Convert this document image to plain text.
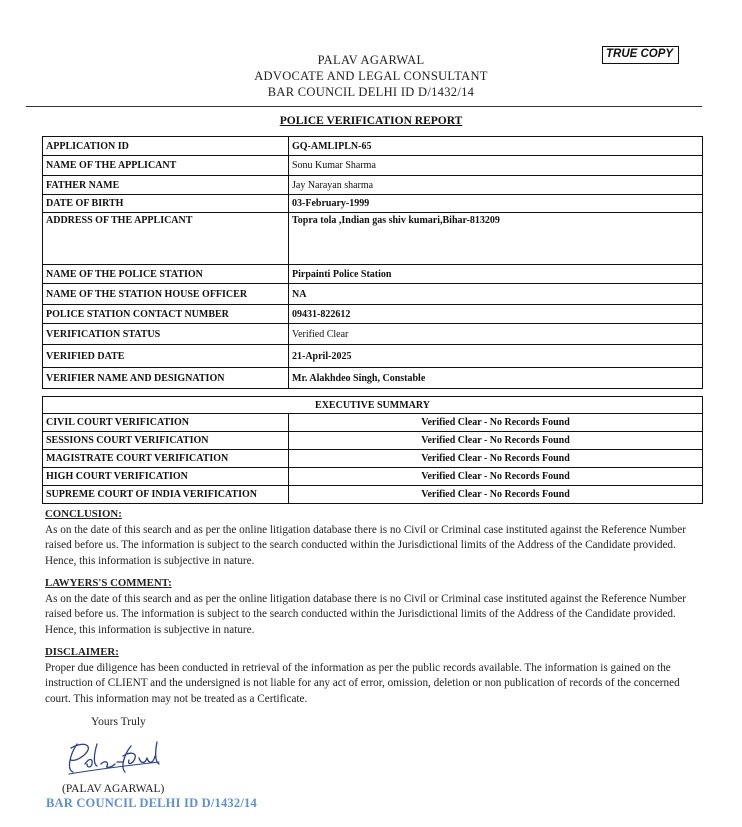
PALAV AGARWAL
ADVOCATE AND LEGAL CONSULTANT
BAR COUNCIL DELHI ID D/1432/14
TRUE COPY
POLICE VERIFICATION REPORT
APPLICATION ID	GQ-AMLIPLN-65
NAME OF THE APPLICANT	Sonu Kumar Sharma
FATHER NAME	Jay Narayan sharma
DATE OF BIRTH	03-February-1999
ADDRESS OF THE APPLICANT	Topra tola ,Indian gas shiv kumari,Bihar-813209
NAME OF THE POLICE STATION	Pirpainti Police Station
NAME OF THE STATION HOUSE OFFICER	NA
POLICE STATION CONTACT NUMBER	09431-822612
VERIFICATION STATUS	Verified Clear
VERIFIED DATE	21-April-2025
VERIFIER NAME AND DESIGNATION	Mr. Alakhdeo Singh, Constable
EXECUTIVE SUMMARY	
CIVIL COURT VERIFICATION	Verified Clear - No Records Found
SESSIONS COURT VERIFICATION	Verified Clear - No Records Found
MAGISTRATE COURT VERIFICATION	Verified Clear - No Records Found
HIGH COURT VERIFICATION	Verified Clear - No Records Found
SUPREME COURT OF INDIA VERIFICATION	Verified Clear - No Records Found
CONCLUSION:
As on the date of this search and as per the online litigation database there is no Civil or Criminal case instituted against the Reference Number raised before us. The information is subject to the search conducted within the Jurisdictional limits of the Address of the Candidate provided. Hence, this information is subjective in nature.
LAWYERS'S COMMENT:
As on the date of this search and as per the online litigation database there is no Civil or Criminal case instituted against the Reference Number raised before us. The information is subject to the search conducted within the Jurisdictional limits of the Address of the Candidate provided. Hence, this information is subjective in nature.
DISCLAIMER:
Proper due diligence has been conducted in retrieval of the information as per the public records available. The information is gained on the instruction of CLIENT and the undersigned is not liable for any act of error, omission, deletion or non publication of records of the concerned court. This information may not be treated as a Certificate.
Yours Truly
(PALAV AGARWAL)
BAR COUNCIL DELHI ID D/1432/14
